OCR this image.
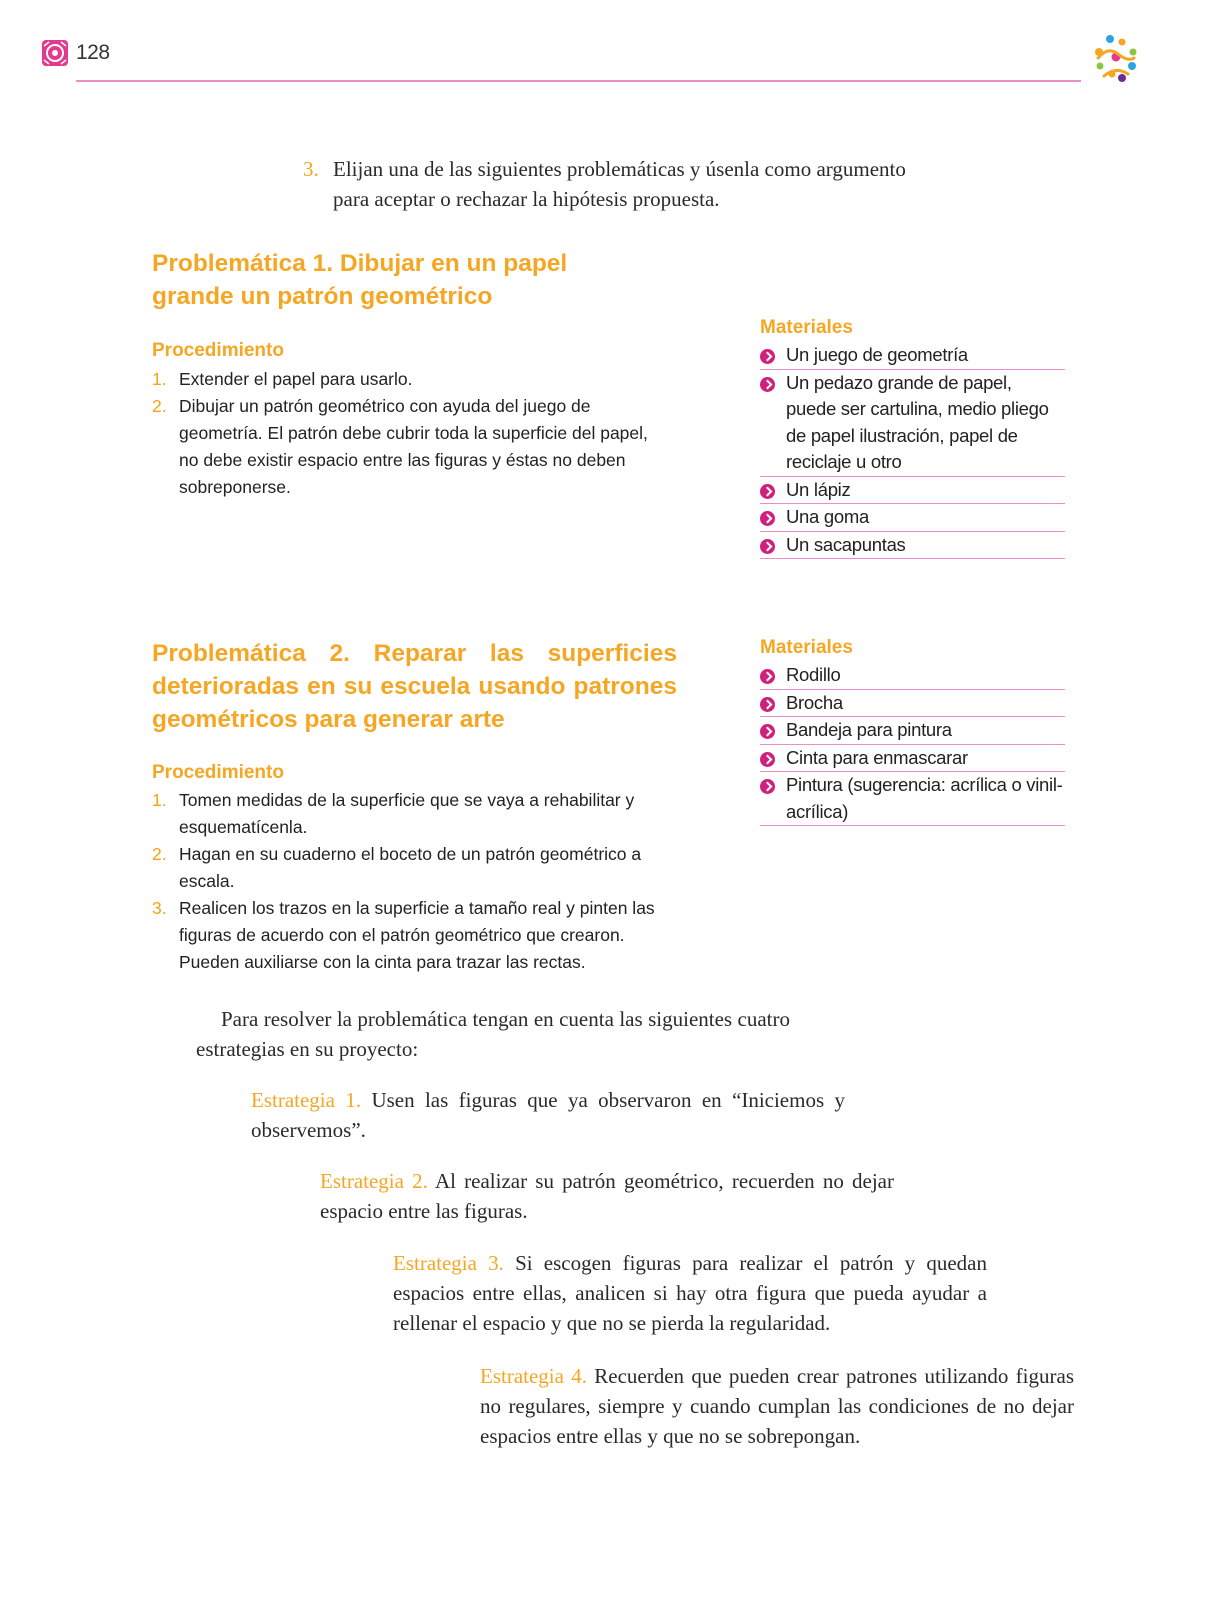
128
3. Elijan una de las siguientes problemáticas y úsenla como argumento para aceptar o rechazar la hipótesis propuesta.
Problemática 1. Dibujar en un papel grande un patrón geométrico
Procedimiento
1. Extender el papel para usarlo.
2. Dibujar un patrón geométrico con ayuda del juego de geometría. El patrón debe cubrir toda la superficie del papel, no debe existir espacio entre las figuras y éstas no deben sobreponerse.
Materiales
Un juego de geometría
Un pedazo grande de papel, puede ser cartulina, medio pliego de papel ilustración, papel de reciclaje u otro
Un lápiz
Una goma
Un sacapuntas
Problemática 2. Reparar las superficies deterioradas en su escuela usando patrones geométricos para generar arte
Procedimiento
1. Tomen medidas de la superficie que se vaya a rehabilitar y esquematícenla.
2. Hagan en su cuaderno el boceto de un patrón geométrico a escala.
3. Realicen los trazos en la superficie a tamaño real y pinten las figuras de acuerdo con el patrón geométrico que crearon. Pueden auxiliarse con la cinta para trazar las rectas.
Materiales
Rodillo
Brocha
Bandeja para pintura
Cinta para enmascarar
Pintura (sugerencia: acrílica o vinil-acrílica)
Para resolver la problemática tengan en cuenta las siguientes cuatro estrategias en su proyecto:
Estrategia 1. Usen las figuras que ya observaron en “Iniciemos y observemos”.
Estrategia 2. Al realizar su patrón geométrico, recuerden no dejar espacio entre las figuras.
Estrategia 3. Si escogen figuras para realizar el patrón y quedan espacios entre ellas, analicen si hay otra figura que pueda ayudar a rellenar el espacio y que no se pierda la regularidad.
Estrategia 4. Recuerden que pueden crear patrones utilizando figuras no regulares, siempre y cuando cumplan las condiciones de no dejar espacios entre ellas y que no se sobrepongan.
